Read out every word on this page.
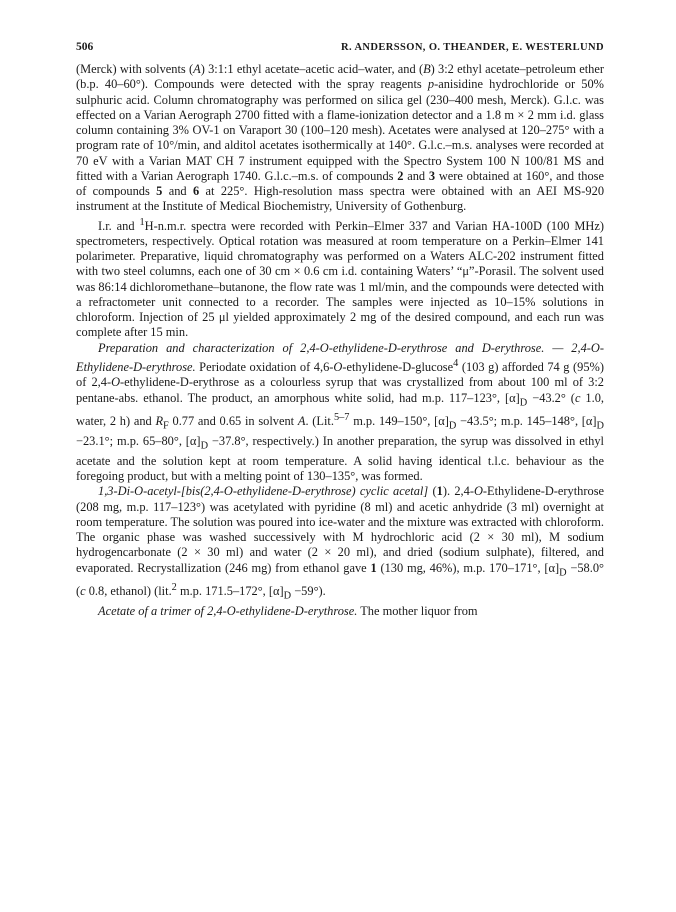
506	R. ANDERSSON, O. THEANDER, E. WESTERLUND

(Merck) with solvents (A) 3:1:1 ethyl acetate–acetic acid–water, and (B) 3:2 ethyl acetate–petroleum ether (b.p. 40–60°). Compounds were detected with the spray reagents p-anisidine hydrochloride or 50% sulphuric acid. Column chromatography was performed on silica gel (230–400 mesh, Merck). G.l.c. was effected on a Varian Aerograph 2700 fitted with a flame-ionization detector and a 1.8 m × 2 mm i.d. glass column containing 3% OV-1 on Varaport 30 (100–120 mesh). Acetates were analysed at 120–275° with a program rate of 10°/min, and alditol acetates isothermically at 140°. G.l.c.–m.s. analyses were recorded at 70 eV with a Varian MAT CH 7 instrument equipped with the Spectro System 100 N 100/81 MS and fitted with a Varian Aerograph 1740. G.l.c.–m.s. of compounds 2 and 3 were obtained at 160°, and those of compounds 5 and 6 at 225°. High-resolution mass spectra were obtained with an AEI MS-920 instrument at the Institute of Medical Biochemistry, University of Gothenburg.

I.r. and $^1$H-n.m.r. spectra were recorded with Perkin–Elmer 337 and Varian HA-100D (100 MHz) spectrometers, respectively. Optical rotation was measured at room temperature on a Perkin–Elmer 141 polarimeter. Preparative, liquid chromatography was performed on a Waters ALC-202 instrument fitted with two steel columns, each one of 30 cm × 0.6 cm i.d. containing Waters’ “μ”-Porasil. The solvent used was 86:14 dichloromethane–butanone, the flow rate was 1 ml/min, and the compounds were detected with a refractometer unit connected to a recorder. The samples were injected as 10–15% solutions in chloroform. Injection of 25 μl yielded approximately 2 mg of the desired compound, and each run was complete after 15 min.

Preparation and characterization of 2,4-O-ethylidene-D-erythrose and D-erythrose. — 2,4-O-Ethylidene-D-erythrose. Periodate oxidation of 4,6-O-ethylidene-D-glucose$^4$ (103 g) afforded 74 g (95%) of 2,4-O-ethylidene-D-erythrose as a colourless syrup that was crystallized from about 100 ml of 3:2 pentane-abs. ethanol. The product, an amorphous white solid, had m.p. 117–123°, $[\alpha]_D -43.2^\circ$ (c 1.0, water, 2 h) and $R_F$ 0.77 and 0.65 in solvent A. (Lit.$^{5-7}$ m.p. 149–150°, $[\alpha]_D -43.5^\circ$; m.p. 145–148°, $[\alpha]_D -23.1^\circ$; m.p. 65–80°, $[\alpha]_D -37.8^\circ$, respectively.) In another preparation, the syrup was dissolved in ethyl acetate and the solution kept at room temperature. A solid having identical t.l.c. behaviour as the foregoing product, but with a melting point of 130–135°, was formed.

1,3-Di-O-acetyl-[bis(2,4-O-ethylidene-D-erythrose) cyclic acetal] (1). 2,4-O-Ethylidene-D-erythrose (208 mg, m.p. 117–123°) was acetylated with pyridine (8 ml) and acetic anhydride (3 ml) overnight at room temperature. The solution was poured into ice-water and the mixture was extracted with chloroform. The organic phase was washed successively with M hydrochloric acid (2 × 30 ml), M sodium hydrogencarbonate (2 × 30 ml) and water (2 × 20 ml), and dried (sodium sulphate), filtered, and evaporated. Recrystallization (246 mg) from ethanol gave 1 (130 mg, 46%), m.p. 170–171°, $[\alpha]_D -58.0^\circ$ (c 0.8, ethanol) (lit.$^2$ m.p. 171.5–172°, $[\alpha]_D -59^\circ$).

Acetate of a trimer of 2,4-O-ethylidene-D-erythrose. The mother liquor from
